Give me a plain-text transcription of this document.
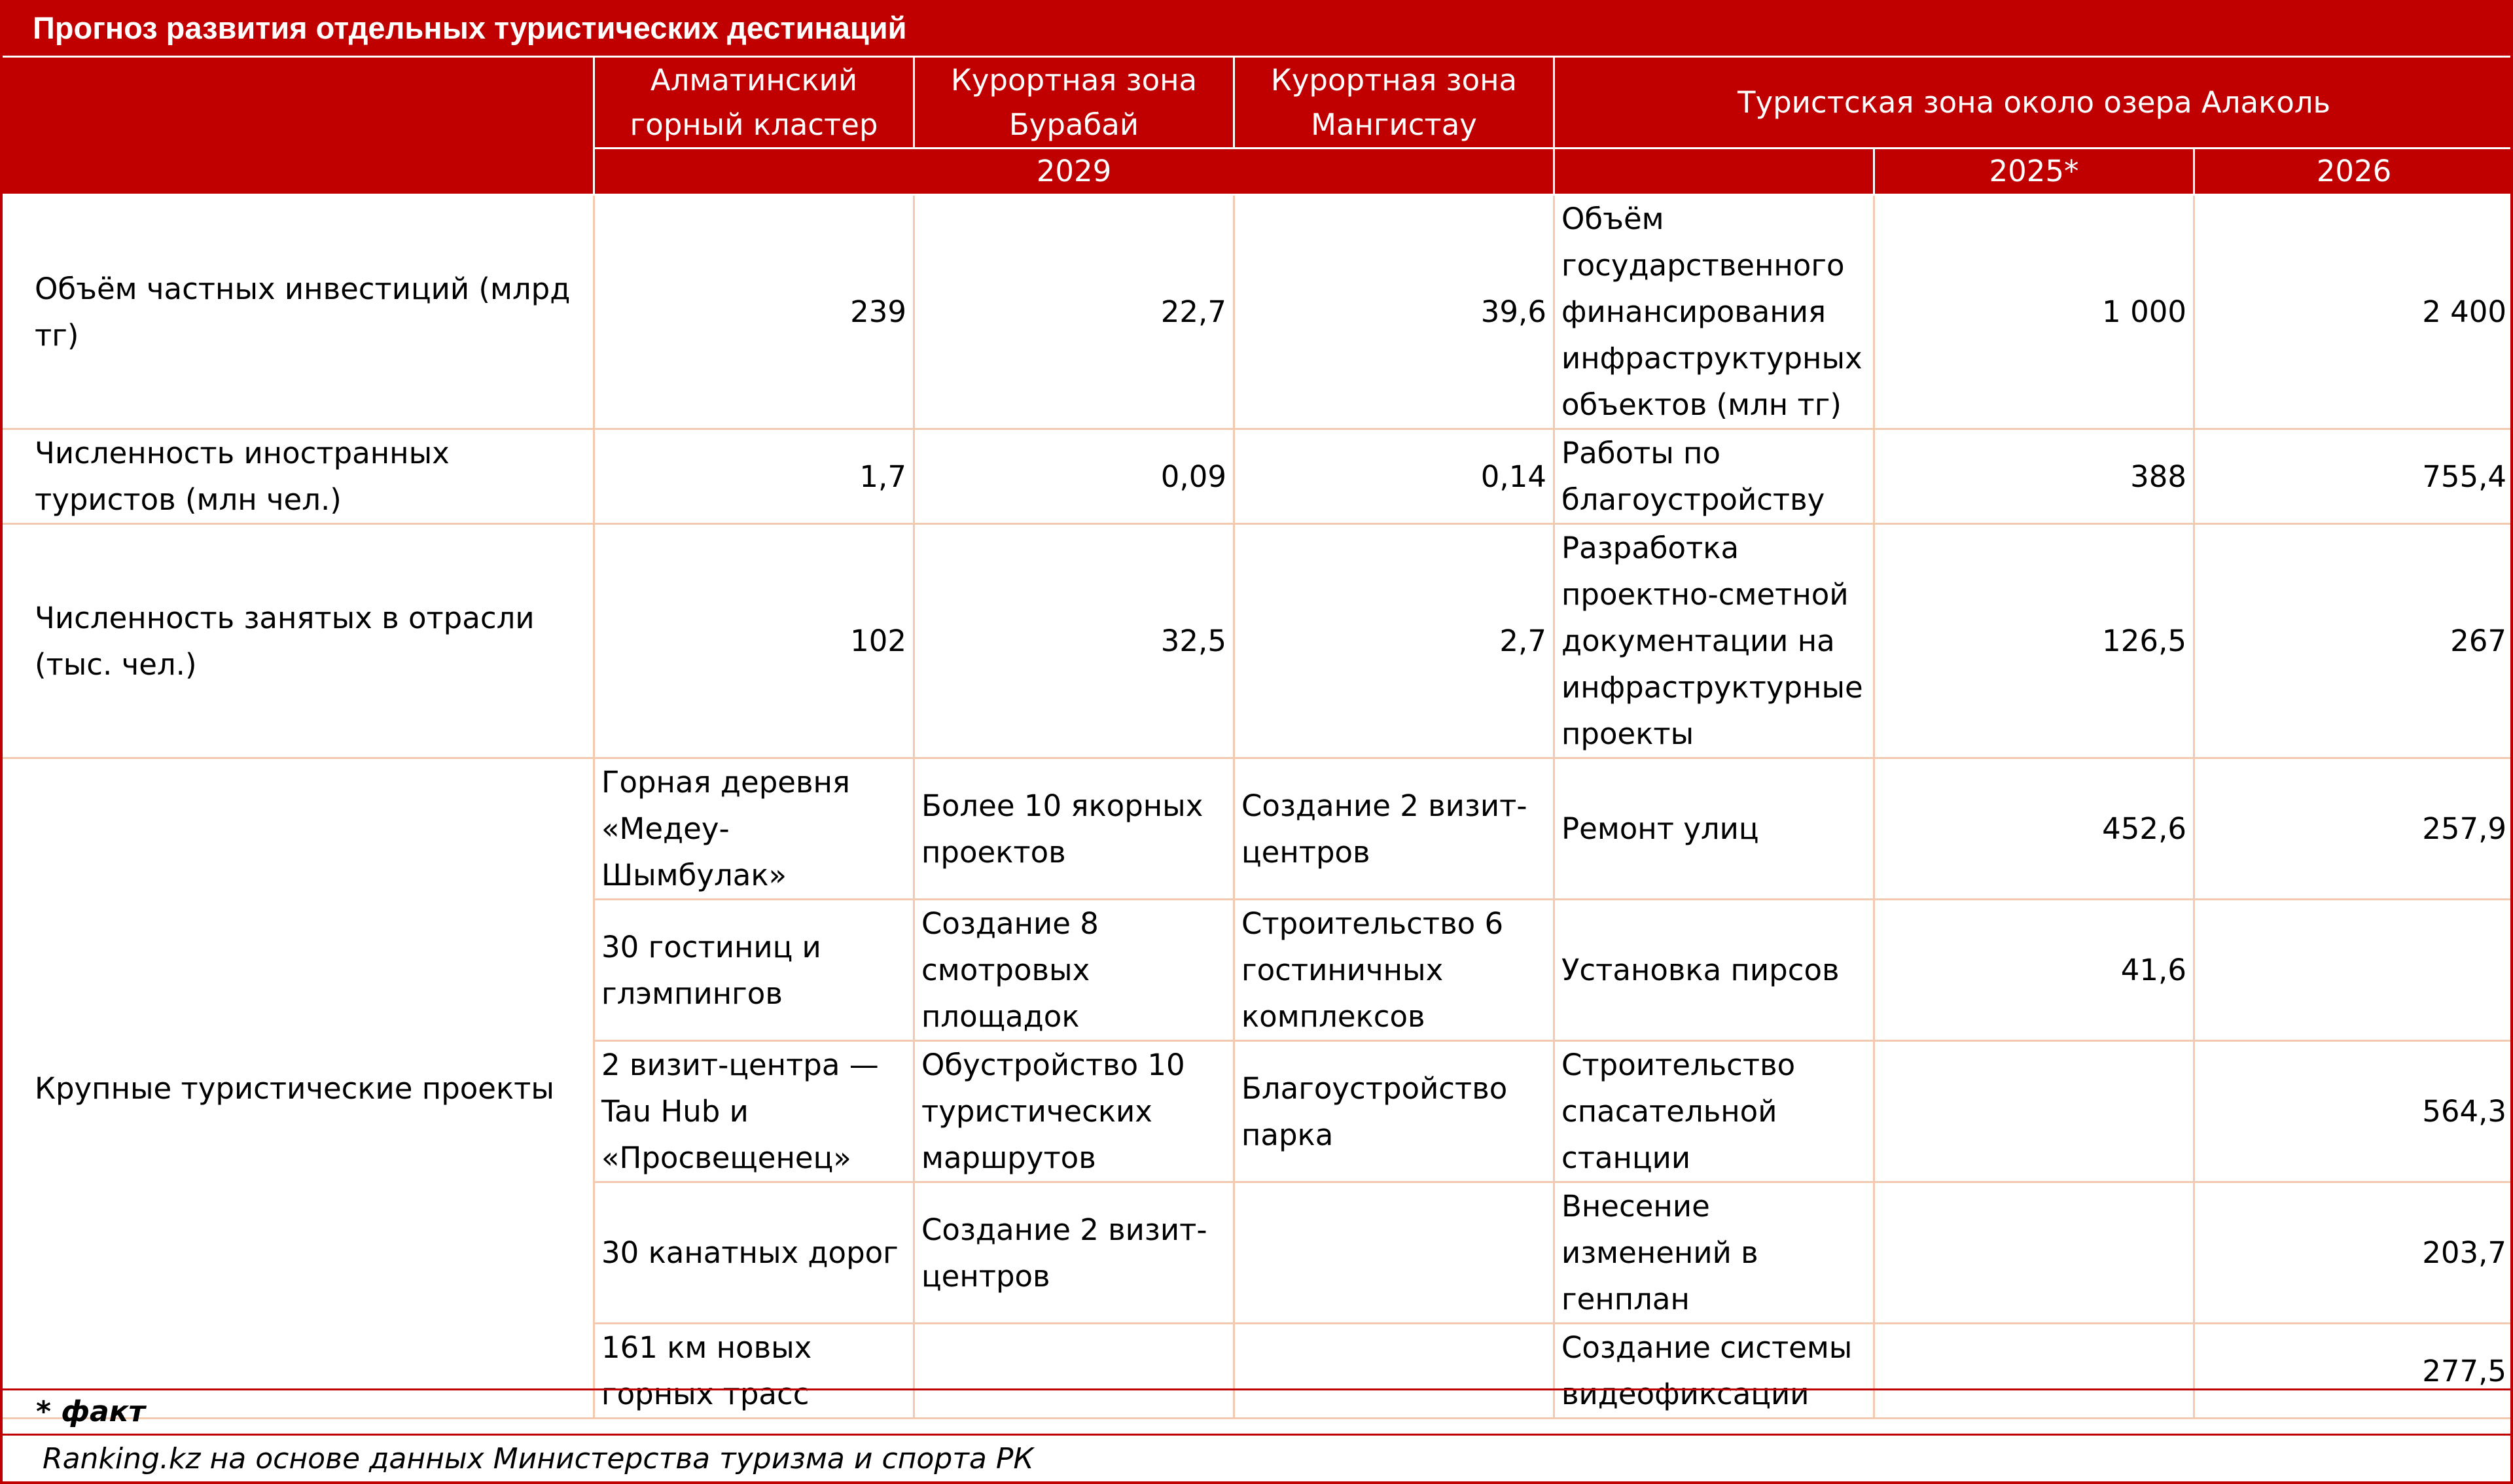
Прогноз развития отдельных туристических дестинаций
	Алматинский горный кластер	Курортная зона Бурабай	Курортная зона Мангистау	Туристская зона около озера Алаколь		
	2029				2025*	2026
Объём частных инвестиций (млрд тг)	239	22,7	39,6	Объём государственного финансирования инфраструктурных объектов (млн тг)	1 000	2 400
Численность иностранных туристов (млн чел.)	1,7	0,09	0,14	Работы по благоустройству	388	755,4
Численность занятых в отрасли (тыс. чел.)	102	32,5	2,7	Разработка проектно-сметной документации на инфраструктурные проекты	126,5	267
Крупные туристические проекты	Горная деревня «Медеу-Шымбулак»	Более 10 якорных проектов	Создание 2 визит-центров	Ремонт улиц	452,6	257,9
	30 гостиниц и глэмпингов	Создание 8 смотровых площадок	Строительство 6 гостиничных комплексов	Установка пирсов	41,6	
	2 визит-центра — Tau Hub и «Просвещенец»	Обустройство 10 туристических маршрутов	Благоустройство парка	Строительство спасательной станции		564,3
	30 канатных дорог	Создание 2 визит-центров		Внесение изменений в генплан		203,7
	161 км новых горных трасс			Создание системы видеофиксации		277,5
* факт
Ranking.kz на основе данных Министерства туризма и спорта РК
